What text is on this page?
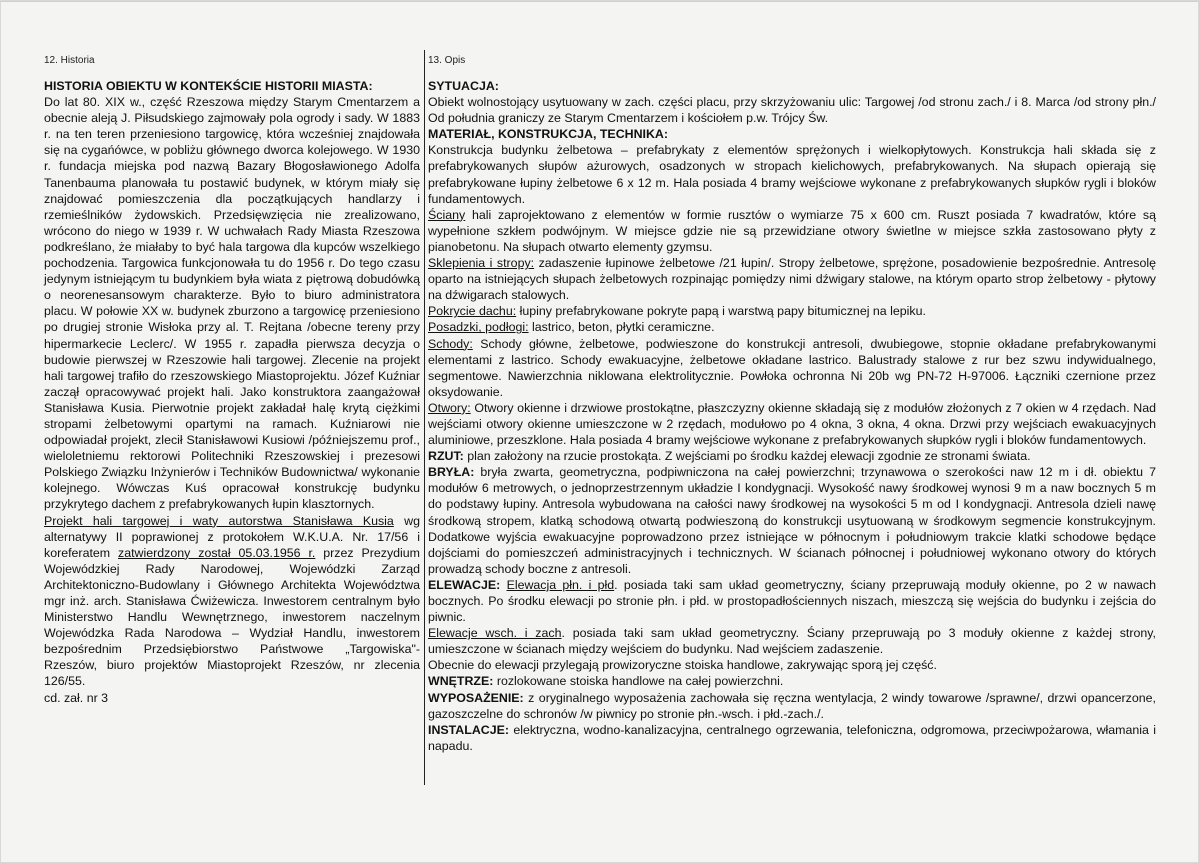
12. Historia

HISTORIA OBIEKTU W KONTEKŚCIE HISTORII MIASTA:

Do lat 80. XIX w., część Rzeszowa między Starym Cmentarzem a obecnie aleją J. Piłsudskiego zajmowały pola ogrody i sady. W 1883 r. na ten teren przeniesiono targowicę, która wcześniej znajdowała się na cygańówce, w pobliżu głównego dworca kolejowego. W 1930 r. fundacja miejska pod nazwą Bazary Błogosławionego Adolfa Tanenbauma planowała tu postawić budynek, w którym miały się znajdować pomieszczenia dla początkujących handlarzy i rzemieślników żydowskich. Przedsięwzięcia nie zrealizowano, wrócono do niego w 1939 r. W uchwałach Rady Miasta Rzeszowa podkreślano, że miałaby to być hala targowa dla kupców wszelkiego pochodzenia. Targowica funkcjonowała tu do 1956 r. Do tego czasu jedynym istniejącym tu budynkiem była wiata z piętrową dobudówką o neorenesansowym charakterze. Było to biuro administratora placu. W połowie XX w. budynek zburzono a targowicę przeniesiono po drugiej stronie Wisłoka przy al. T. Rejtana /obecne tereny przy hipermarkecie Leclerc/. W 1955 r. zapadła pierwsza decyzja o budowie pierwszej w Rzeszowie hali targowej. Zlecenie na projekt hali targowej trafiło do rzeszowskiego Miastoprojektu. Józef Kuźniar zaczął opracowywać projekt hali. Jako konstruktora zaangażował Stanisława Kusia. Pierwotnie projekt zakładał halę krytą ciężkimi stropami żelbetowymi opartymi na ramach. Kuźniarowi nie odpowiadał projekt, zlecił Stanisławowi Kusiowi /późniejszemu prof., wieloletniemu rektorowi Politechniki Rzeszowskiej i prezesowi Polskiego Związku Inżynierów i Techników Budownictwa/ wykonanie kolejnego. Wówczas Kuś opracował konstrukcję budynku przykrytego dachem z prefabrykowanych łupin klasztornych.

Projekt hali targowej i waty autorstwa Stanisława Kusia wg alternatywy II poprawionej z protokołem W.K.U.A. Nr. 17/56 i koreferatem zatwierdzony został 05.03.1956 r. przez Prezydium Wojewódzkiej Rady Narodowej, Wojewódzki Zarząd Architektoniczno-Budowlany i Głównego Architekta Województwa mgr inż. arch. Stanisława Ćwiżewicza. Inwestorem centralnym było Ministerstwo Handlu Wewnętrznego, inwestorem naczelnym Wojewódzka Rada Narodowa – Wydział Handlu, inwestorem bezpośrednim Przedsiębiorstwo Państwowe „Targowiska"- Rzeszów, biuro projektów Miastoprojekt Rzeszów, nr zlecenia 126/55.

cd. zał. nr 3

13. Opis

SYTUACJA:

Obiekt wolnostojący usytuowany w zach. części placu, przy skrzyżowaniu ulic: Targowej /od stronu zach./ i 8. Marca /od strony płn./ Od południa graniczy ze Starym Cmentarzem i kościołem p.w. Trójcy Św.

MATERIAŁ, KONSTRUKCJA, TECHNIKA:

Konstrukcja budynku żelbetowa – prefabrykaty z elementów sprężonych i wielkopłytowych. Konstrukcja hali składa się z prefabrykowanych słupów ażurowych, osadzonych w stropach kielichowych, prefabrykowanych. Na słupach opierają się prefabrykowane łupiny żelbetowe 6 x 12 m. Hala posiada 4 bramy wejściowe wykonane z prefabrykowanych słupków rygli i bloków fundamentowych.

Ściany hali zaprojektowano z elementów w formie rusztów o wymiarze 75 x 600 cm. Ruszt posiada 7 kwadratów, które są wypełnione szkłem podwójnym. W miejsce gdzie nie są przewidziane otwory świetlne w miejsce szkła zastosowano płyty z pianobetonu. Na słupach otwarto elementy gzymsu.

Sklepienia i stropy: zadaszenie łupinowe żelbetowe /21 łupin/. Stropy żelbetowe, sprężone, posadowienie bezpośrednie. Antresolę oparto na istniejących słupach żelbetowych rozpinając pomiędzy nimi dźwigary stalowe, na którym oparto strop żelbetowy - płytowy na dźwigarach stalowych.

Pokrycie dachu: łupiny prefabrykowane pokryte papą i warstwą papy bitumicznej na lepiku.

Posadzki, podłogi: lastrico, beton, płytki ceramiczne.

Schody: Schody główne, żelbetowe, podwieszone do konstrukcji antresoli, dwubiegowe, stopnie okładane prefabrykowanymi elementami z lastrico. Schody ewakuacyjne, żelbetowe okładane lastrico. Balustrady stalowe z rur bez szwu indywidualnego, segmentowe. Nawierzchnia niklowana elektrolitycznie. Powłoka ochronna Ni 20b wg PN-72 H-97006. Łączniki czernione przez oksydowanie.

Otwory: Otwory okienne i drzwiowe prostokątne, płaszczyzny okienne składają się z modułów złożonych z 7 okien w 4 rzędach. Nad wejściami otwory okienne umieszczone w 2 rzędach, modułowo po 4 okna, 3 okna, 4 okna. Drzwi przy wejściach ewakuacyjnych aluminiowe, przeszklone. Hala posiada 4 bramy wejściowe wykonane z prefabrykowanych słupków rygli i bloków fundamentowych.

RZUT: plan założony na rzucie prostokąta. Z wejściami po środku każdej elewacji zgodnie ze stronami świata.

BRYŁA: bryła zwarta, geometryczna, podpiwniczona na całej powierzchni; trzynawowa o szerokości naw 12 m i dł. obiektu 7 modułów 6 metrowych, o jednoprzestrzennym układzie I kondygnacji. Wysokość nawy środkowej wynosi 9 m a naw bocznych 5 m do podstawy łupiny. Antresola wybudowana na całości nawy środkowej na wysokości 5 m od I kondygnacji. Antresola dzieli nawę środkową stropem, klatką schodową otwartą podwieszoną do konstrukcji usytuowaną w środkowym segmencie konstrukcyjnym. Dodatkowe wyjścia ewakuacyjne poprowadzono przez istniejące w północnym i południowym trakcie klatki schodowe będące dojściami do pomieszczeń administracyjnych i technicznych. W ścianach północnej i południowej wykonano otwory do których prowadzą schody boczne z antresoli.

ELEWACJE: Elewacja płn. i płd. posiada taki sam układ geometryczny, ściany przepruwają moduły okienne, po 2 w nawach bocznych. Po środku elewacji po stronie płn. i płd. w prostopadłościennych niszach, mieszczą się wejścia do budynku i zejścia do piwnic.

Elewacje wsch. i zach. posiada taki sam układ geometryczny. Ściany przepruwają po 3 moduły okienne z każdej strony, umieszczone w ścianach między wejściem do budynku. Nad wejściem zadaszenie.

Obecnie do elewacji przylegają prowizoryczne stoiska handlowe, zakrywając sporą jej część.

WNĘTRZE: rozlokowane stoiska handlowe na całej powierzchni.

WYPOSAŻENIE: z oryginalnego wyposażenia zachowała się ręczna wentylacja, 2 windy towarowe /sprawne/, drzwi opancerzone, gazoszczelne do schronów /w piwnicy po stronie płn.-wsch. i płd.-zach./.

INSTALACJE: elektryczna, wodno-kanalizacyjna, centralnego ogrzewania, telefoniczna, odgromowa, przeciwpożarowa, włamania i napadu.
